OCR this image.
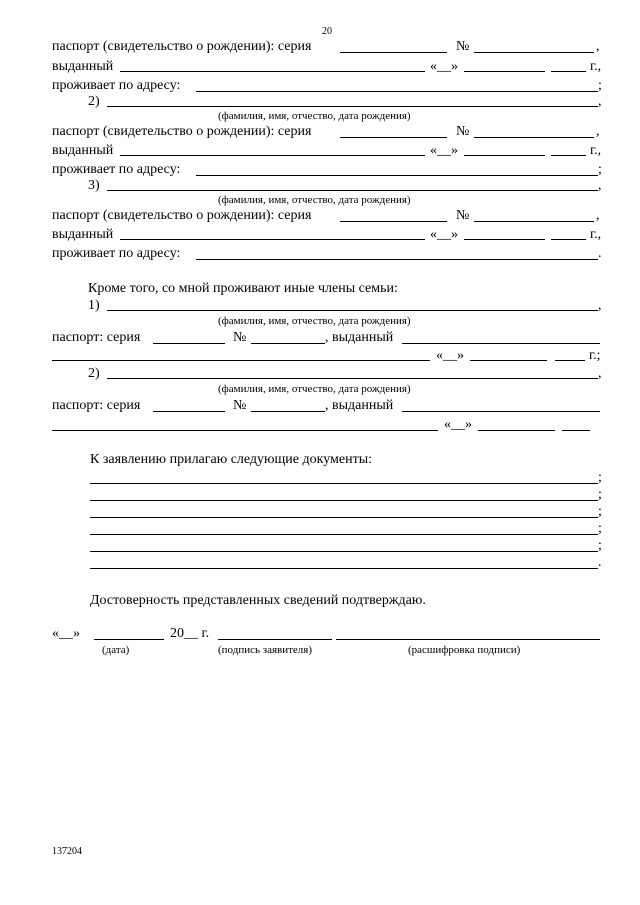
20
паспорт (свидетельство о рождении): серия	№	,
выданный	«__»	г.,
проживает по адресу:	;
2)	,
(фамилия, имя, отчество, дата рождения)
паспорт (свидетельство о рождении): серия	№	,
выданный	«__»	г.,
проживает по адресу:	;
3)	,
(фамилия, имя, отчество, дата рождения)
паспорт (свидетельство о рождении): серия	№	,
выданный	«__»	г.,
проживает по адресу:	.
Кроме того, со мной проживают иные члены семьи:
1)	,
(фамилия, имя, отчество, дата рождения)
паспорт: серия	№	, выданный
«__»	г.;
2)	,
(фамилия, имя, отчество, дата рождения)
паспорт: серия	№	, выданный
«__»
К заявлению прилагаю следующие документы:
;
;
;
;
;
.
Достоверность представленных сведений подтверждаю.
«__»	20__ г.
(дата)	(подпись заявителя)	(расшифровка подписи)
137204
